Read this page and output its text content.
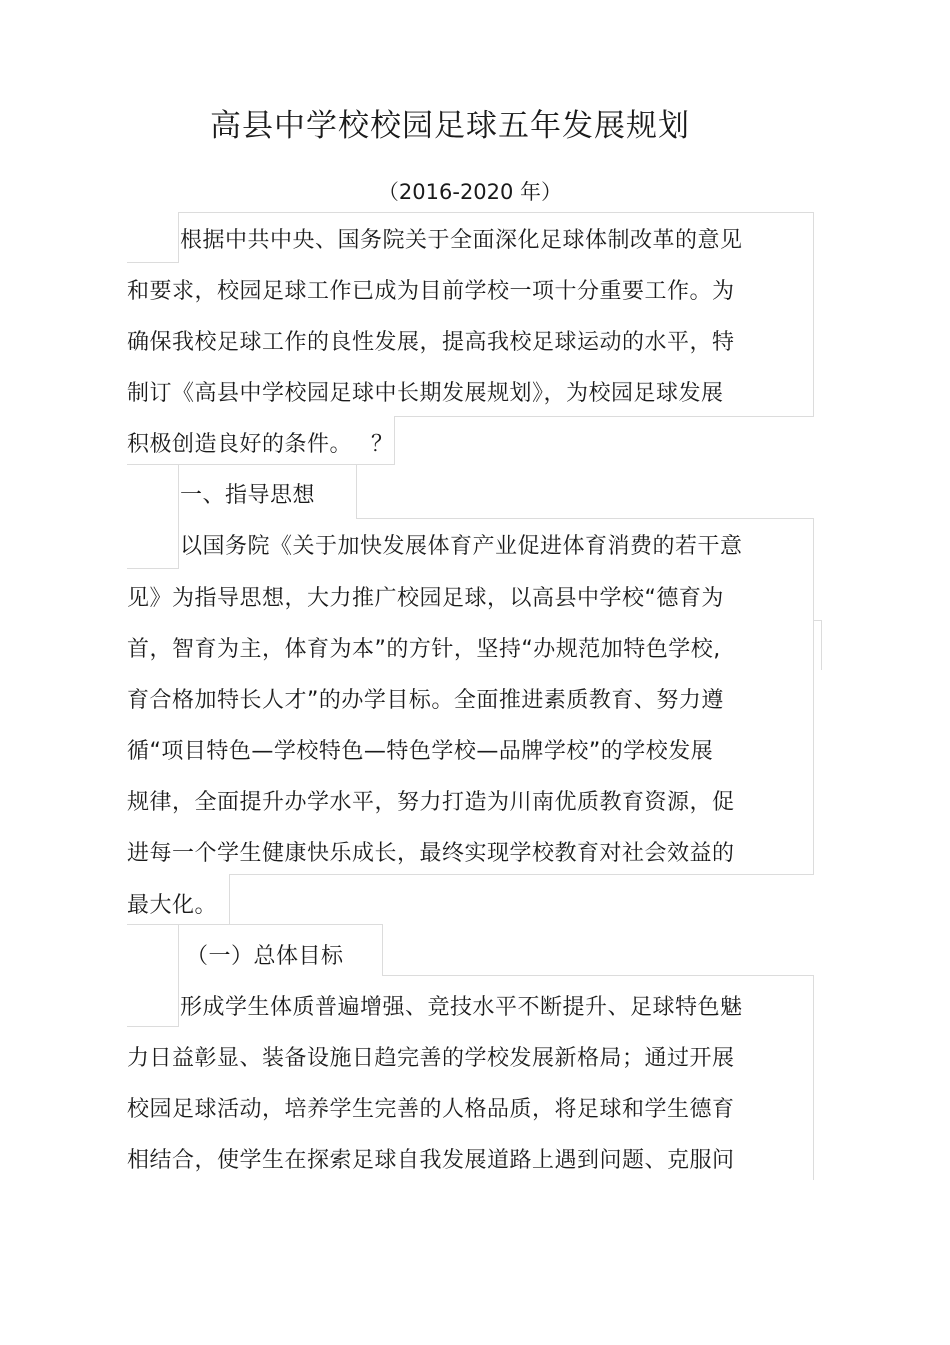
高县中学校校园足球五年发展规划
（2016-2020 年）
根据中共中央、国务院关于全面深化足球体制改革的意见
和要求，校园足球工作已成为目前学校一项十分重要工作。为
确保我校足球工作的良性发展，提高我校足球运动的水平，特
制订《高县中学校园足球中长期发展规划》，为校园足球发展
积极创造良好的条件。　 ？
一、指导思想
以国务院《关于加快发展体育产业促进体育消费的若干意
见》为指导思想，大力推广校园足球，以高县中学校“德育为
首，智育为主，体育为本”的方针，坚持“办规范加特色学校,
育合格加特长人才”的办学目标。全面推进素质教育、努力遵
循“项目特色—学校特色—特色学校—品牌学校”的学校发展
规律，全面提升办学水平，努力打造为川南优质教育资源，促
进每一个学生健康快乐成长，最终实现学校教育对社会效益的
最大化。
（一）总体目标
形成学生体质普遍增强、竞技水平不断提升、足球特色魅
力日益彰显、装备设施日趋完善的学校发展新格局；通过开展
校园足球活动，培养学生完善的人格品质，将足球和学生德育
相结合，使学生在探索足球自我发展道路上遇到问题、克服问
